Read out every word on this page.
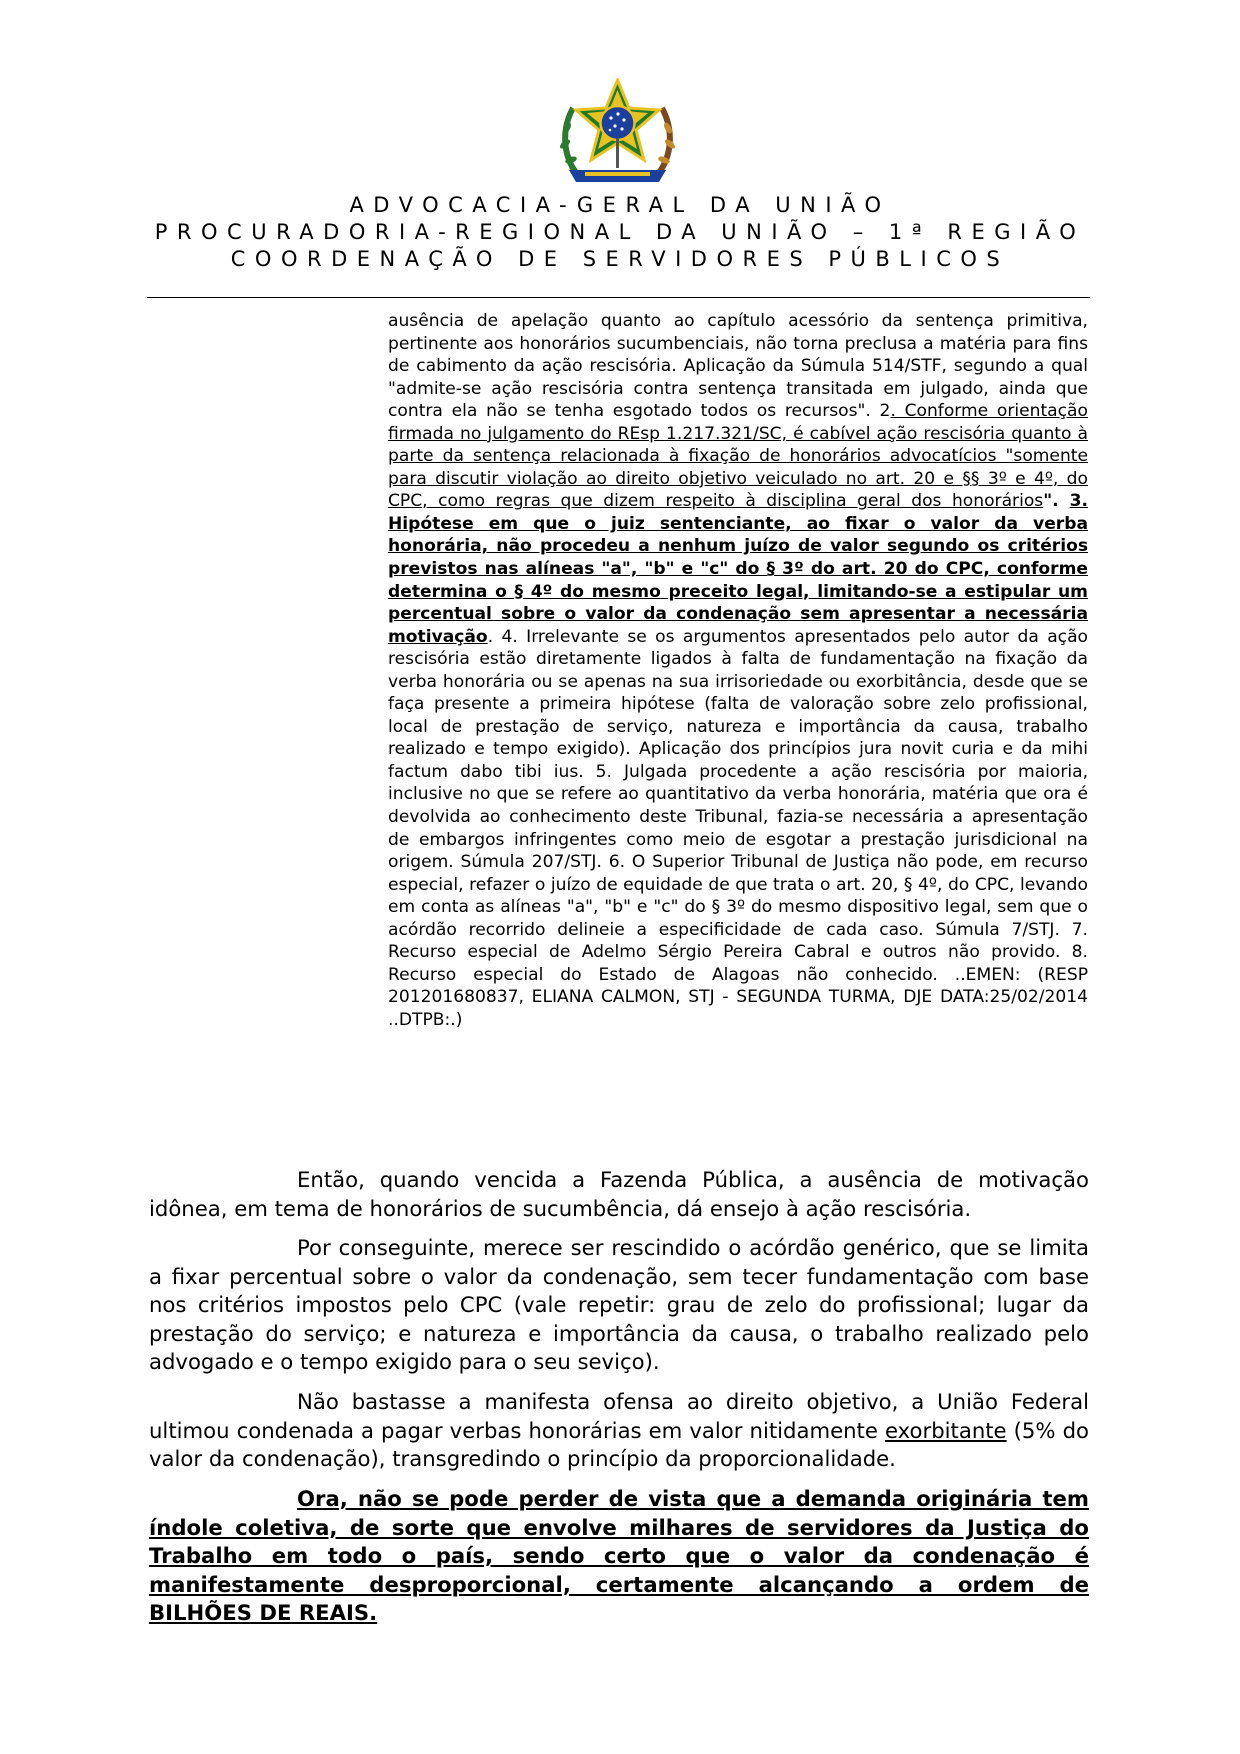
ADVOCACIA-GERAL DA UNIÃO
PROCURADORIA-REGIONAL DA UNIÃO – 1ª REGIÃO
COORDENAÇÃO DE SERVIDORES PÚBLICOS
ausência de apelação quanto ao capítulo acessório da sentença primitiva, pertinente aos honorários sucumbenciais, não torna preclusa a matéria para fins de cabimento da ação rescisória. Aplicação da Súmula 514/STF, segundo a qual "admite-se ação rescisória contra sentença transitada em julgado, ainda que contra ela não se tenha esgotado todos os recursos". 2. Conforme orientação firmada no julgamento do REsp 1.217.321/SC, é cabível ação rescisória quanto à parte da sentença relacionada à fixação de honorários advocatícios "somente para discutir violação ao direito objetivo veiculado no art. 20 e §§ 3º e 4º, do CPC, como regras que dizem respeito à disciplina geral dos honorários". 3. Hipótese em que o juiz sentenciante, ao fixar o valor da verba honorária, não procedeu a nenhum juízo de valor segundo os critérios previstos nas alíneas "a", "b" e "c" do § 3º do art. 20 do CPC, conforme determina o § 4º do mesmo preceito legal, limitando-se a estipular um percentual sobre o valor da condenação sem apresentar a necessária motivação. 4. Irrelevante se os argumentos apresentados pelo autor da ação rescisória estão diretamente ligados à falta de fundamentação na fixação da verba honorária ou se apenas na sua irrisoriedade ou exorbitância, desde que se faça presente a primeira hipótese (falta de valoração sobre zelo profissional, local de prestação de serviço, natureza e importância da causa, trabalho realizado e tempo exigido). Aplicação dos princípios jura novit curia e da mihi factum dabo tibi ius. 5. Julgada procedente a ação rescisória por maioria, inclusive no que se refere ao quantitativo da verba honorária, matéria que ora é devolvida ao conhecimento deste Tribunal, fazia-se necessária a apresentação de embargos infringentes como meio de esgotar a prestação jurisdicional na origem. Súmula 207/STJ. 6. O Superior Tribunal de Justiça não pode, em recurso especial, refazer o juízo de equidade de que trata o art. 20, § 4º, do CPC, levando em conta as alíneas "a", "b" e "c" do § 3º do mesmo dispositivo legal, sem que o acórdão recorrido delineie a especificidade de cada caso. Súmula 7/STJ. 7. Recurso especial de Adelmo Sérgio Pereira Cabral e outros não provido. 8. Recurso especial do Estado de Alagoas não conhecido. ..EMEN: (RESP 201201680837, ELIANA CALMON, STJ - SEGUNDA TURMA, DJE DATA:25/02/2014 ..DTPB:.)
Então, quando vencida a Fazenda Pública, a ausência de motivação idônea, em tema de honorários de sucumbência, dá ensejo à ação rescisória.
Por conseguinte, merece ser rescindido o acórdão genérico, que se limita a fixar percentual sobre o valor da condenação, sem tecer fundamentação com base nos critérios impostos pelo CPC (vale repetir: grau de zelo do profissional; lugar da prestação do serviço; e natureza e importância da causa, o trabalho realizado pelo advogado e o tempo exigido para o seu seviço).
Não bastasse a manifesta ofensa ao direito objetivo, a União Federal ultimou condenada a pagar verbas honorárias em valor nitidamente exorbitante (5% do valor da condenação), transgredindo o princípio da proporcionalidade.
Ora, não se pode perder de vista que a demanda originária tem índole coletiva, de sorte que envolve milhares de servidores da Justiça do Trabalho em todo o país, sendo certo que o valor da condenação é manifestamente desproporcional, certamente alcançando a ordem de BILHÕES DE REAIS.
